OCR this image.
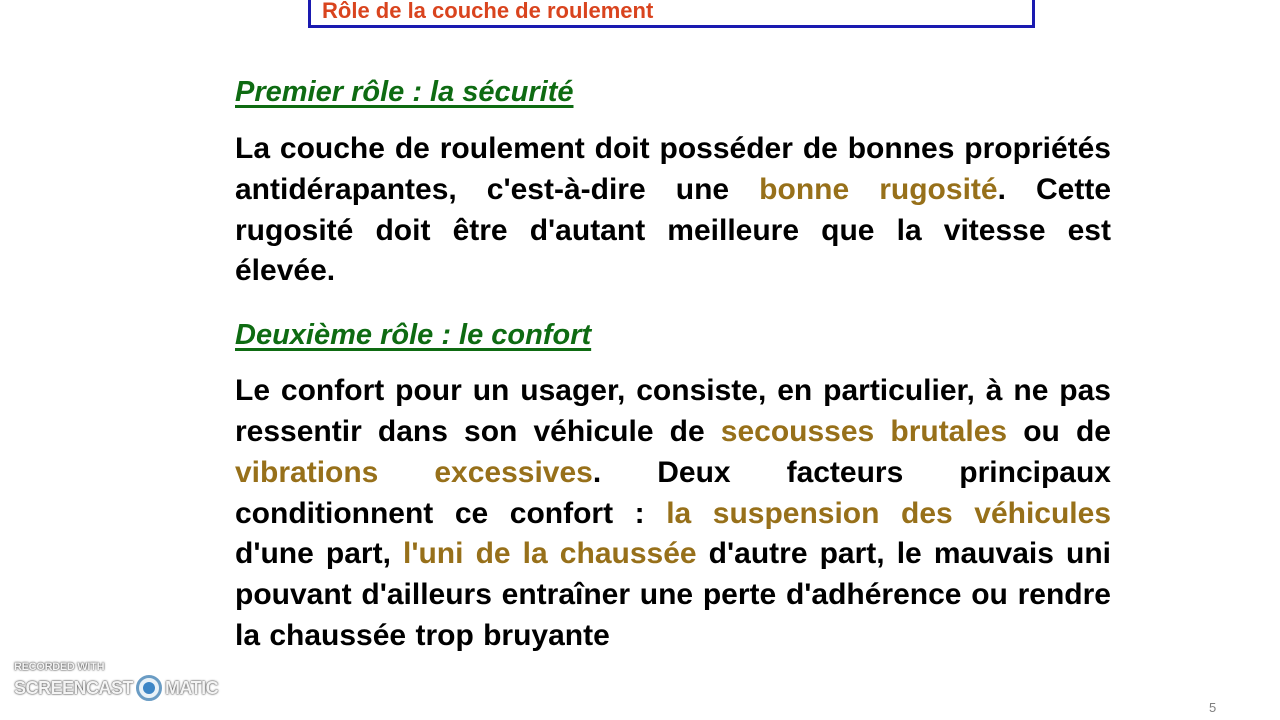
Rôle de la couche de roulement
Premier rôle : la sécurité

La couche de roulement doit posséder de bonnes propriétés antidérapantes, c'est-à-dire une bonne rugosité. Cette rugosité doit être d'autant meilleure que la vitesse est élevée.

Deuxième rôle : le confort

Le confort pour un usager, consiste, en particulier, à ne pas ressentir dans son véhicule de secousses brutales ou de vibrations excessives. Deux facteurs principaux conditionnent ce confort : la suspension des véhicules d'une part, l'uni de la chaussée d'autre part, le mauvais uni pouvant d'ailleurs entraîner une perte d'adhérence ou rendre la chaussée trop bruyante

RECORDED WITH
SCREENCAST MATIC
5
